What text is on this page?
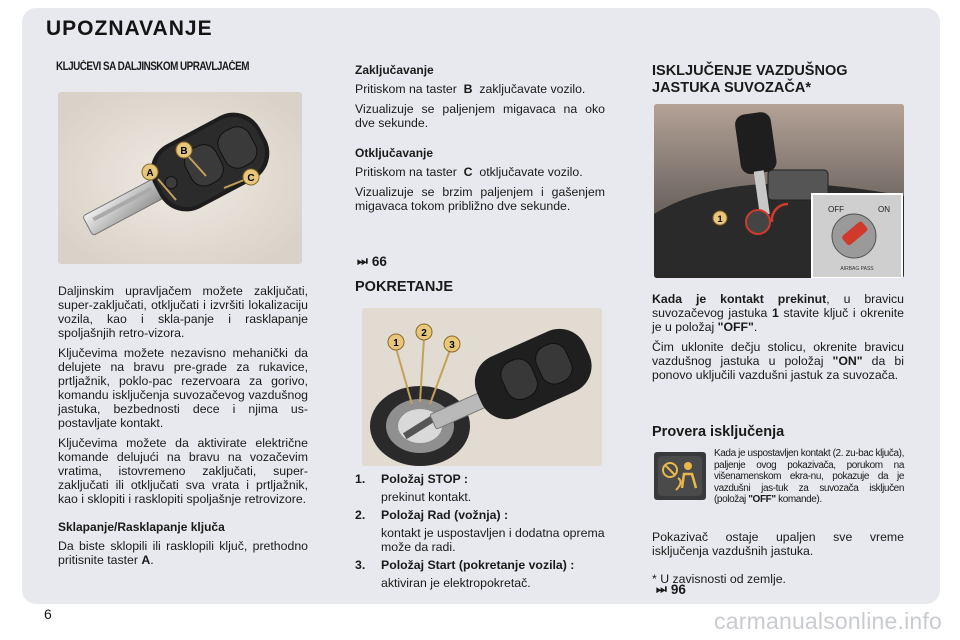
UPOZNAVANJE
KLJUČEVI SA DALJINSKOM UPRAVLJAČEM
A
B
C

Daljinskim upravljačem možete zaključati, super-zaključati, otključati i izvršiti lokalizaciju vozila, kao i skla-panje i rasklapanje spoljašnjih retro-vizora.

Ključevima možete nezavisno mehanički da delujete na bravu pre-grade za rukavice, prtljažnik, poklo-pac rezervoara za gorivo, komandu isključenja suvozačevog vazdušnog jastuka, bezbednosti dece i njima us-postavljate kontakt.

Ključevima možete da aktivirate električne komande delujući na bravu na vozačevim vratima, istovremeno zaključati, super-zaključati ili otključati sva vrata i prtljažnik, kao i sklopiti i rasklopiti spoljašnje retrovizore.

Sklapanje/Rasklapanje ključa

Da biste sklopili ili rasklopili ključ, prethodno pritisnite taster A.

Zaključavanje

Pritiskom na taster B zaključavate vozilo.

Vizualizuje se paljenjem migavaca na oko dve sekunde.

Otključavanje

Pritiskom na taster C otključavate vozilo.

Vizualizuje se brzim paljenjem i gašenjem migavaca tokom približno dve sekunde.

⏭ 66
POKRETANJE
1
2
3
1.	Položaj STOP :
prekinut kontakt.
2.	Položaj Rad (vožnja) :
kontakt je uspostavljen i dodatna oprema može da radi.
3.	Položaj Start (pokretanje vozila) :
aktiviran je elektropokretač.
ISKLJUČENJE VAZDUŠNOG JASTUKA SUVOZAČA*
1
OFF	ON
AIRBAG PASS

Kada je kontakt prekinut, u bravicu suvozačevog jastuka 1 stavite ključ i okrenite je u položaj "OFF".

Čim uklonite dečju stolicu, okrenite bravicu vazdušnog jastuka u položaj "ON" da bi ponovo uključili vazdušni jastuk za suvozača.

Provera isključenja
Kada je uspostavljen kontakt (2. zu-bac ključa), paljenje ovog pokazivača, porukom na višenamenskom ekra-nu, pokazuje da je vazdušni jas-tuk za suvozača isključen (položaj "OFF" komande).

Pokazivač ostaje upaljen sve vreme isključenja vazdušnih jastuka.

* U zavisnosti od zemlje.

⏭ 96
6	carmanualsonline.info
